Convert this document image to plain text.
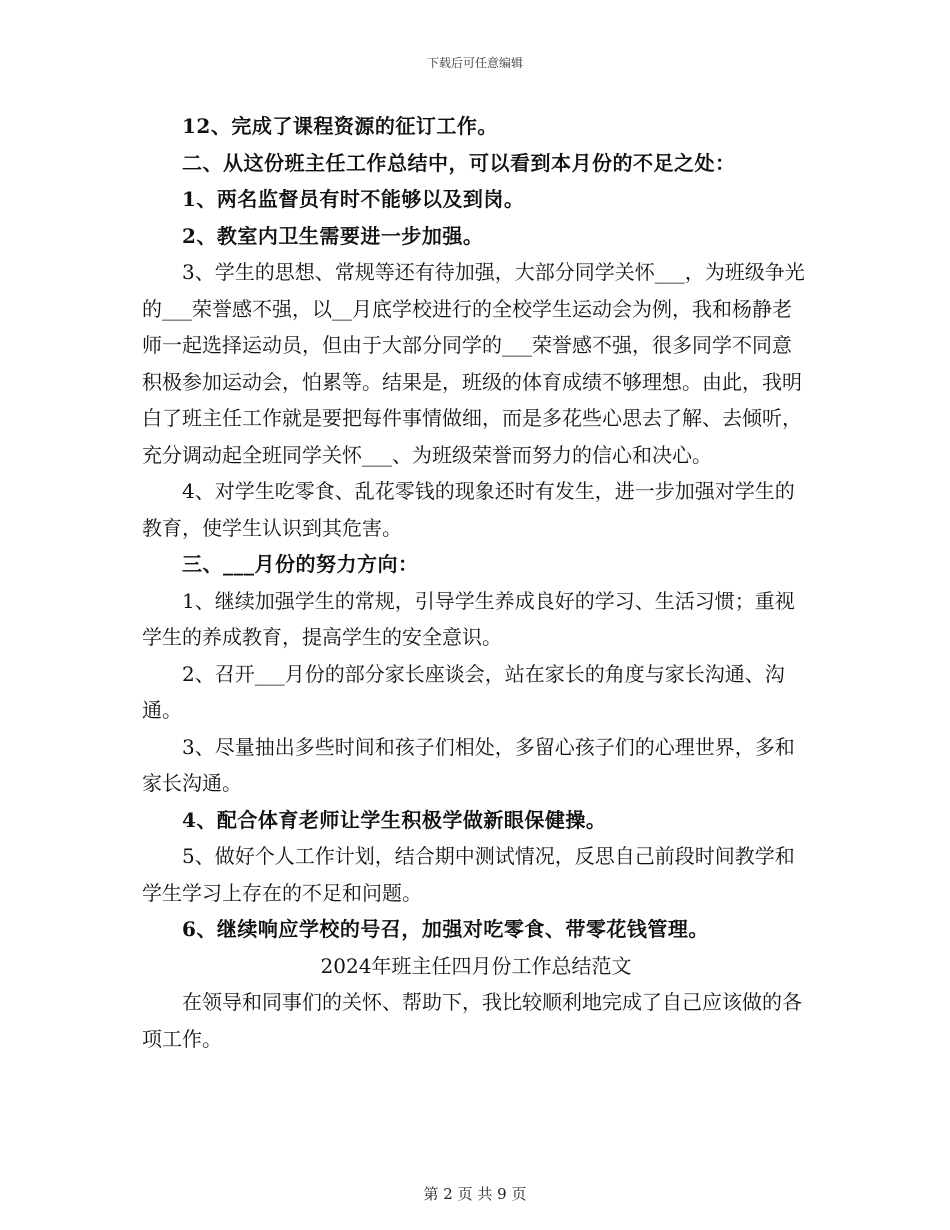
下载后可任意编辑

12、完成了课程资源的征订工作。

二、从这份班主任工作总结中，可以看到本月份的不足之处：

1、两名监督员有时不能够以及到岗。

2、教室内卫生需要进一步加强。

3、学生的思想、常规等还有待加强，大部分同学关怀___，为班级争光的___荣誉感不强，以__月底学校进行的全校学生运动会为例，我和杨静老师一起选择运动员，但由于大部分同学的___荣誉感不强，很多同学不同意积极参加运动会，怕累等。结果是，班级的体育成绩不够理想。由此，我明白了班主任工作就是要把每件事情做细，而是多花些心思去了解、去倾听，充分调动起全班同学关怀___、为班级荣誉而努力的信心和决心。

4、对学生吃零食、乱花零钱的现象还时有发生，进一步加强对学生的教育，使学生认识到其危害。

三、___月份的努力方向：

1、继续加强学生的常规，引导学生养成良好的学习、生活习惯；重视学生的养成教育，提高学生的安全意识。

2、召开___月份的部分家长座谈会，站在家长的角度与家长沟通、沟通。

3、尽量抽出多些时间和孩子们相处，多留心孩子们的心理世界，多和家长沟通。

4、配合体育老师让学生积极学做新眼保健操。

5、做好个人工作计划，结合期中测试情况，反思自己前段时间教学和学生学习上存在的不足和问题。

6、继续响应学校的号召，加强对吃零食、带零花钱管理。

2024年班主任四月份工作总结范文

在领导和同事们的关怀、帮助下，我比较顺利地完成了自己应该做的各项工作。

第 2 页 共 9 页
